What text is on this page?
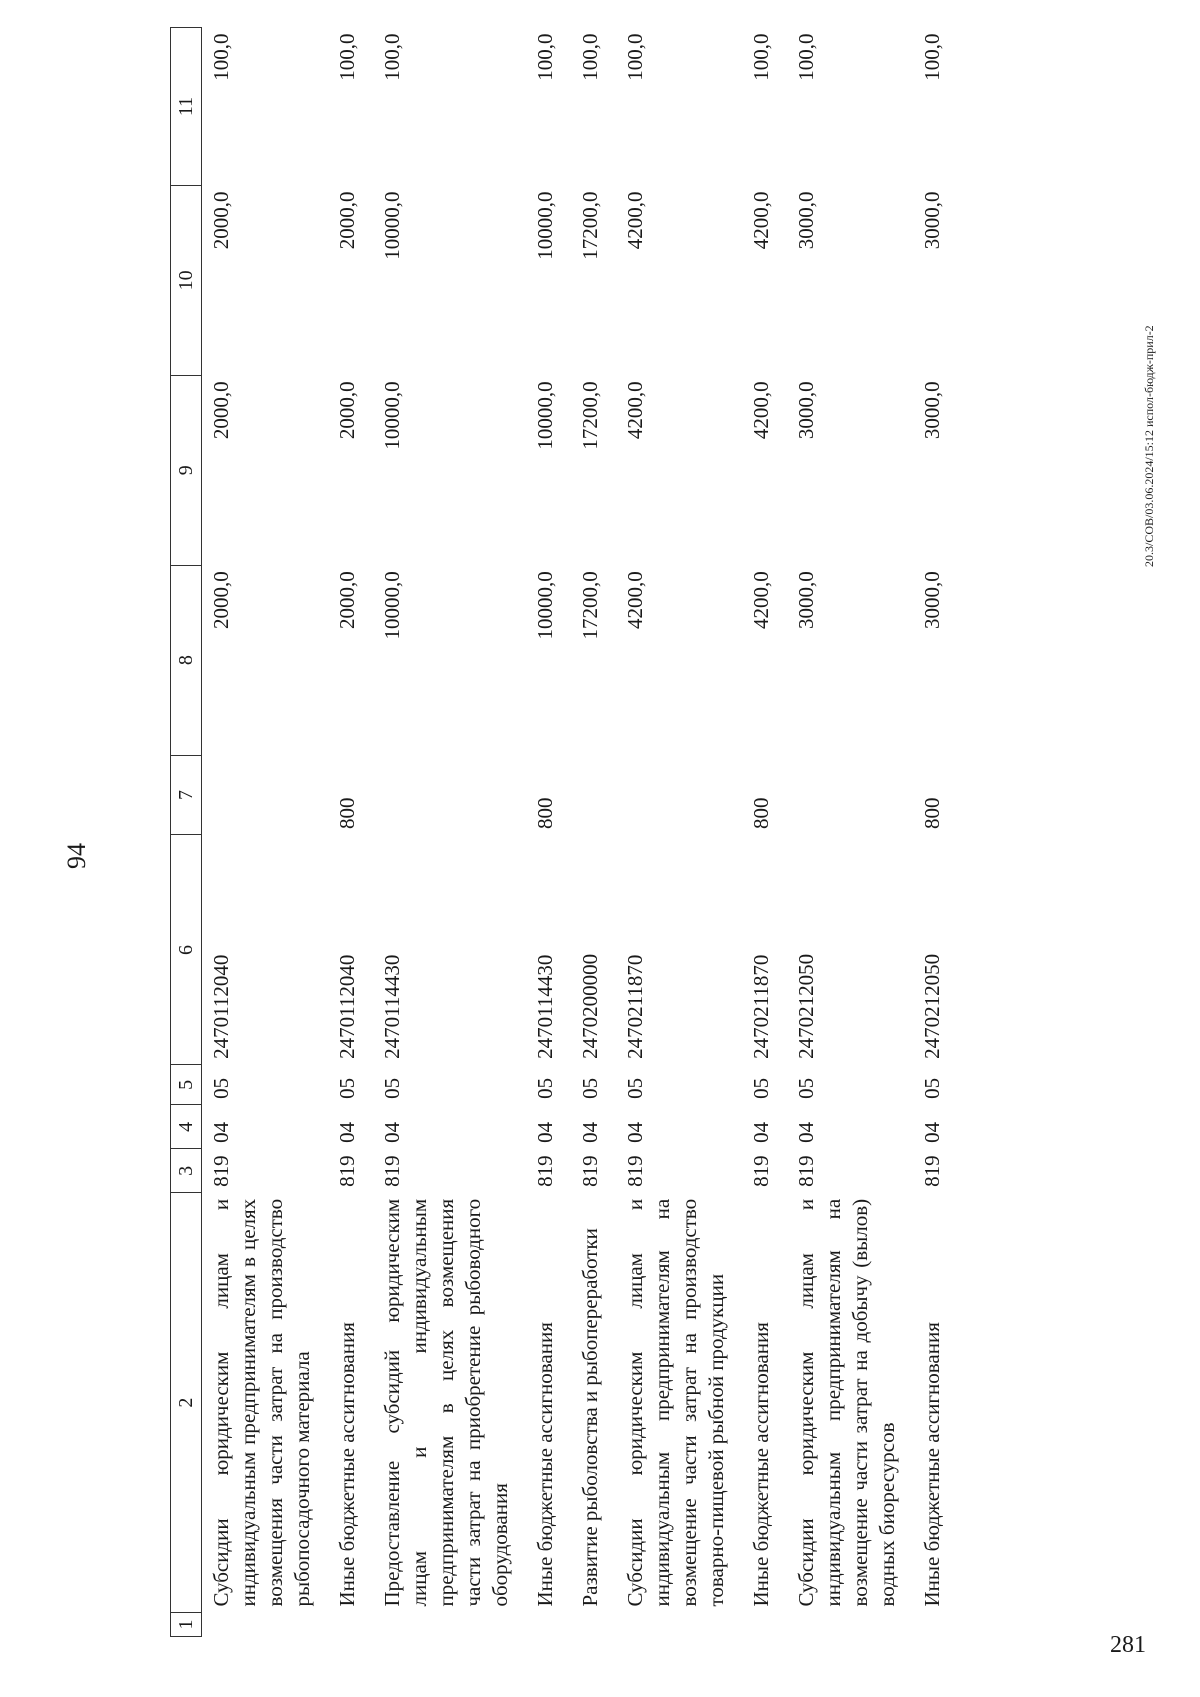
94
1	2	3	4	5	6	7	8	9	10	11
	Субсидии юридическим лицам и индивидуальным предпринимателям в целях возмещения части затрат на производство рыбопосадочного материала	819	04	05	2470112040		2000,0	2000,0	2000,0	100,0
	Иные бюджетные ассигнования	819	04	05	2470112040	800	2000,0	2000,0	2000,0	100,0
	Предоставление субсидий юридическим лицам и индивидуальным предпринимателям в целях возмещения части затрат на приобретение рыбоводного оборудования	819	04	05	2470114430		10000,0	10000,0	10000,0	100,0
	Иные бюджетные ассигнования	819	04	05	2470114430	800	10000,0	10000,0	10000,0	100,0
	Развитие рыболовства и рыбопереработки	819	04	05	2470200000		17200,0	17200,0	17200,0	100,0
	Субсидии юридическим лицам и индивидуальным предпринимателям на возмещение части затрат на производство товарно-пищевой рыбной продукции	819	04	05	2470211870		4200,0	4200,0	4200,0	100,0
	Иные бюджетные ассигнования	819	04	05	2470211870	800	4200,0	4200,0	4200,0	100,0
	Субсидии юридическим лицам и индивидуальным предпринимателям на возмещение части затрат на добычу (вылов) водных биоресурсов	819	04	05	2470212050		3000,0	3000,0	3000,0	100,0
	Иные бюджетные ассигнования	819	04	05	2470212050	800	3000,0	3000,0	3000,0	100,0
20.3/СОВ/03.06.2024/15:12 испол-бюдж-прил-2
281
